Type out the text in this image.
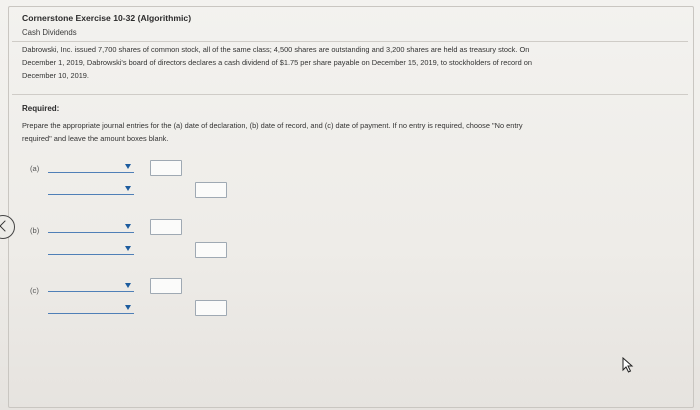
Cornerstone Exercise 10-32 (Algorithmic)
Cash Dividends
Dabrowski, Inc. issued 7,700 shares of common stock, all of the same class; 4,500 shares are outstanding and 3,200 shares are held as treasury stock. On
December 1, 2019, Dabrowski's board of directors declares a cash dividend of $1.75 per share payable on December 15, 2019, to stockholders of record on
December 10, 2019.
Required:
Prepare the appropriate journal entries for the (a) date of declaration, (b) date of record, and (c) date of payment. If no entry is required, choose "No entry
required" and leave the amount boxes blank.
(a)
(b)
(c)
